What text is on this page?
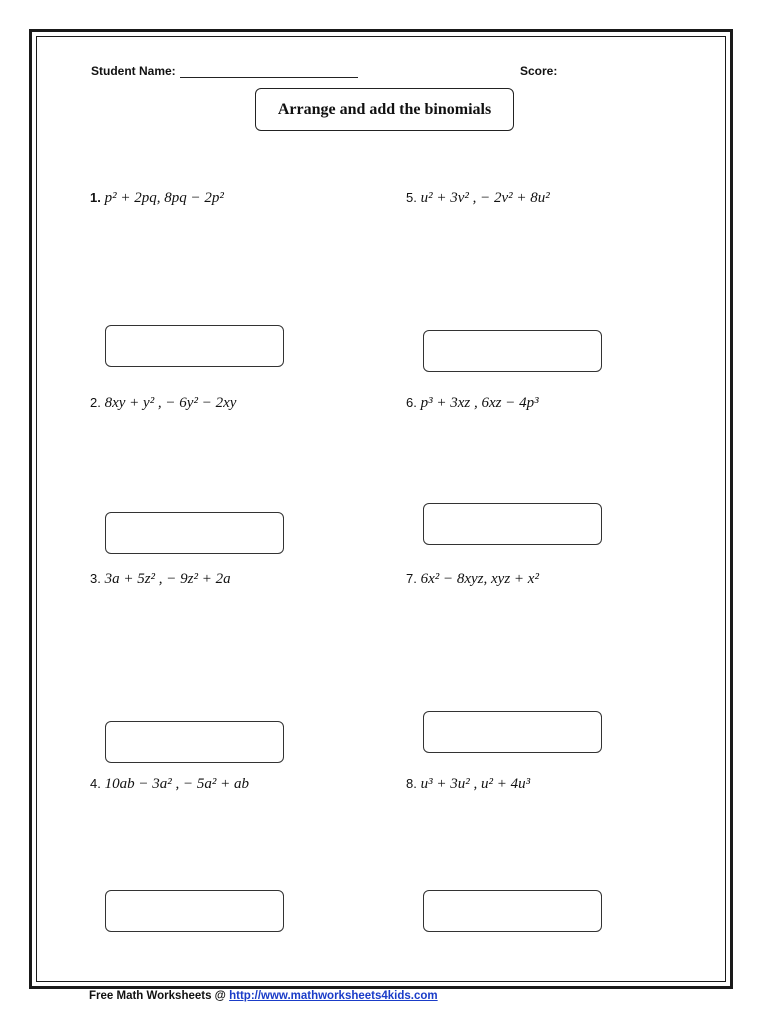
Student Name:	Score:
Arrange and add the binomials
1. p² + 2pq, 8pq − 2p²
2. 8xy + y² , − 6y² − 2xy
3. 3a + 5z² , − 9z² + 2a
4. 10ab − 3a² , − 5a² + ab
5. u² + 3v² , − 2v² + 8u²
6. p³ + 3xz , 6xz − 4p³
7. 6x² − 8xyz, xyz + x²
8. u³ + 3u² , u² + 4u³
Free Math Worksheets @ http://www.mathworksheets4kids.com
